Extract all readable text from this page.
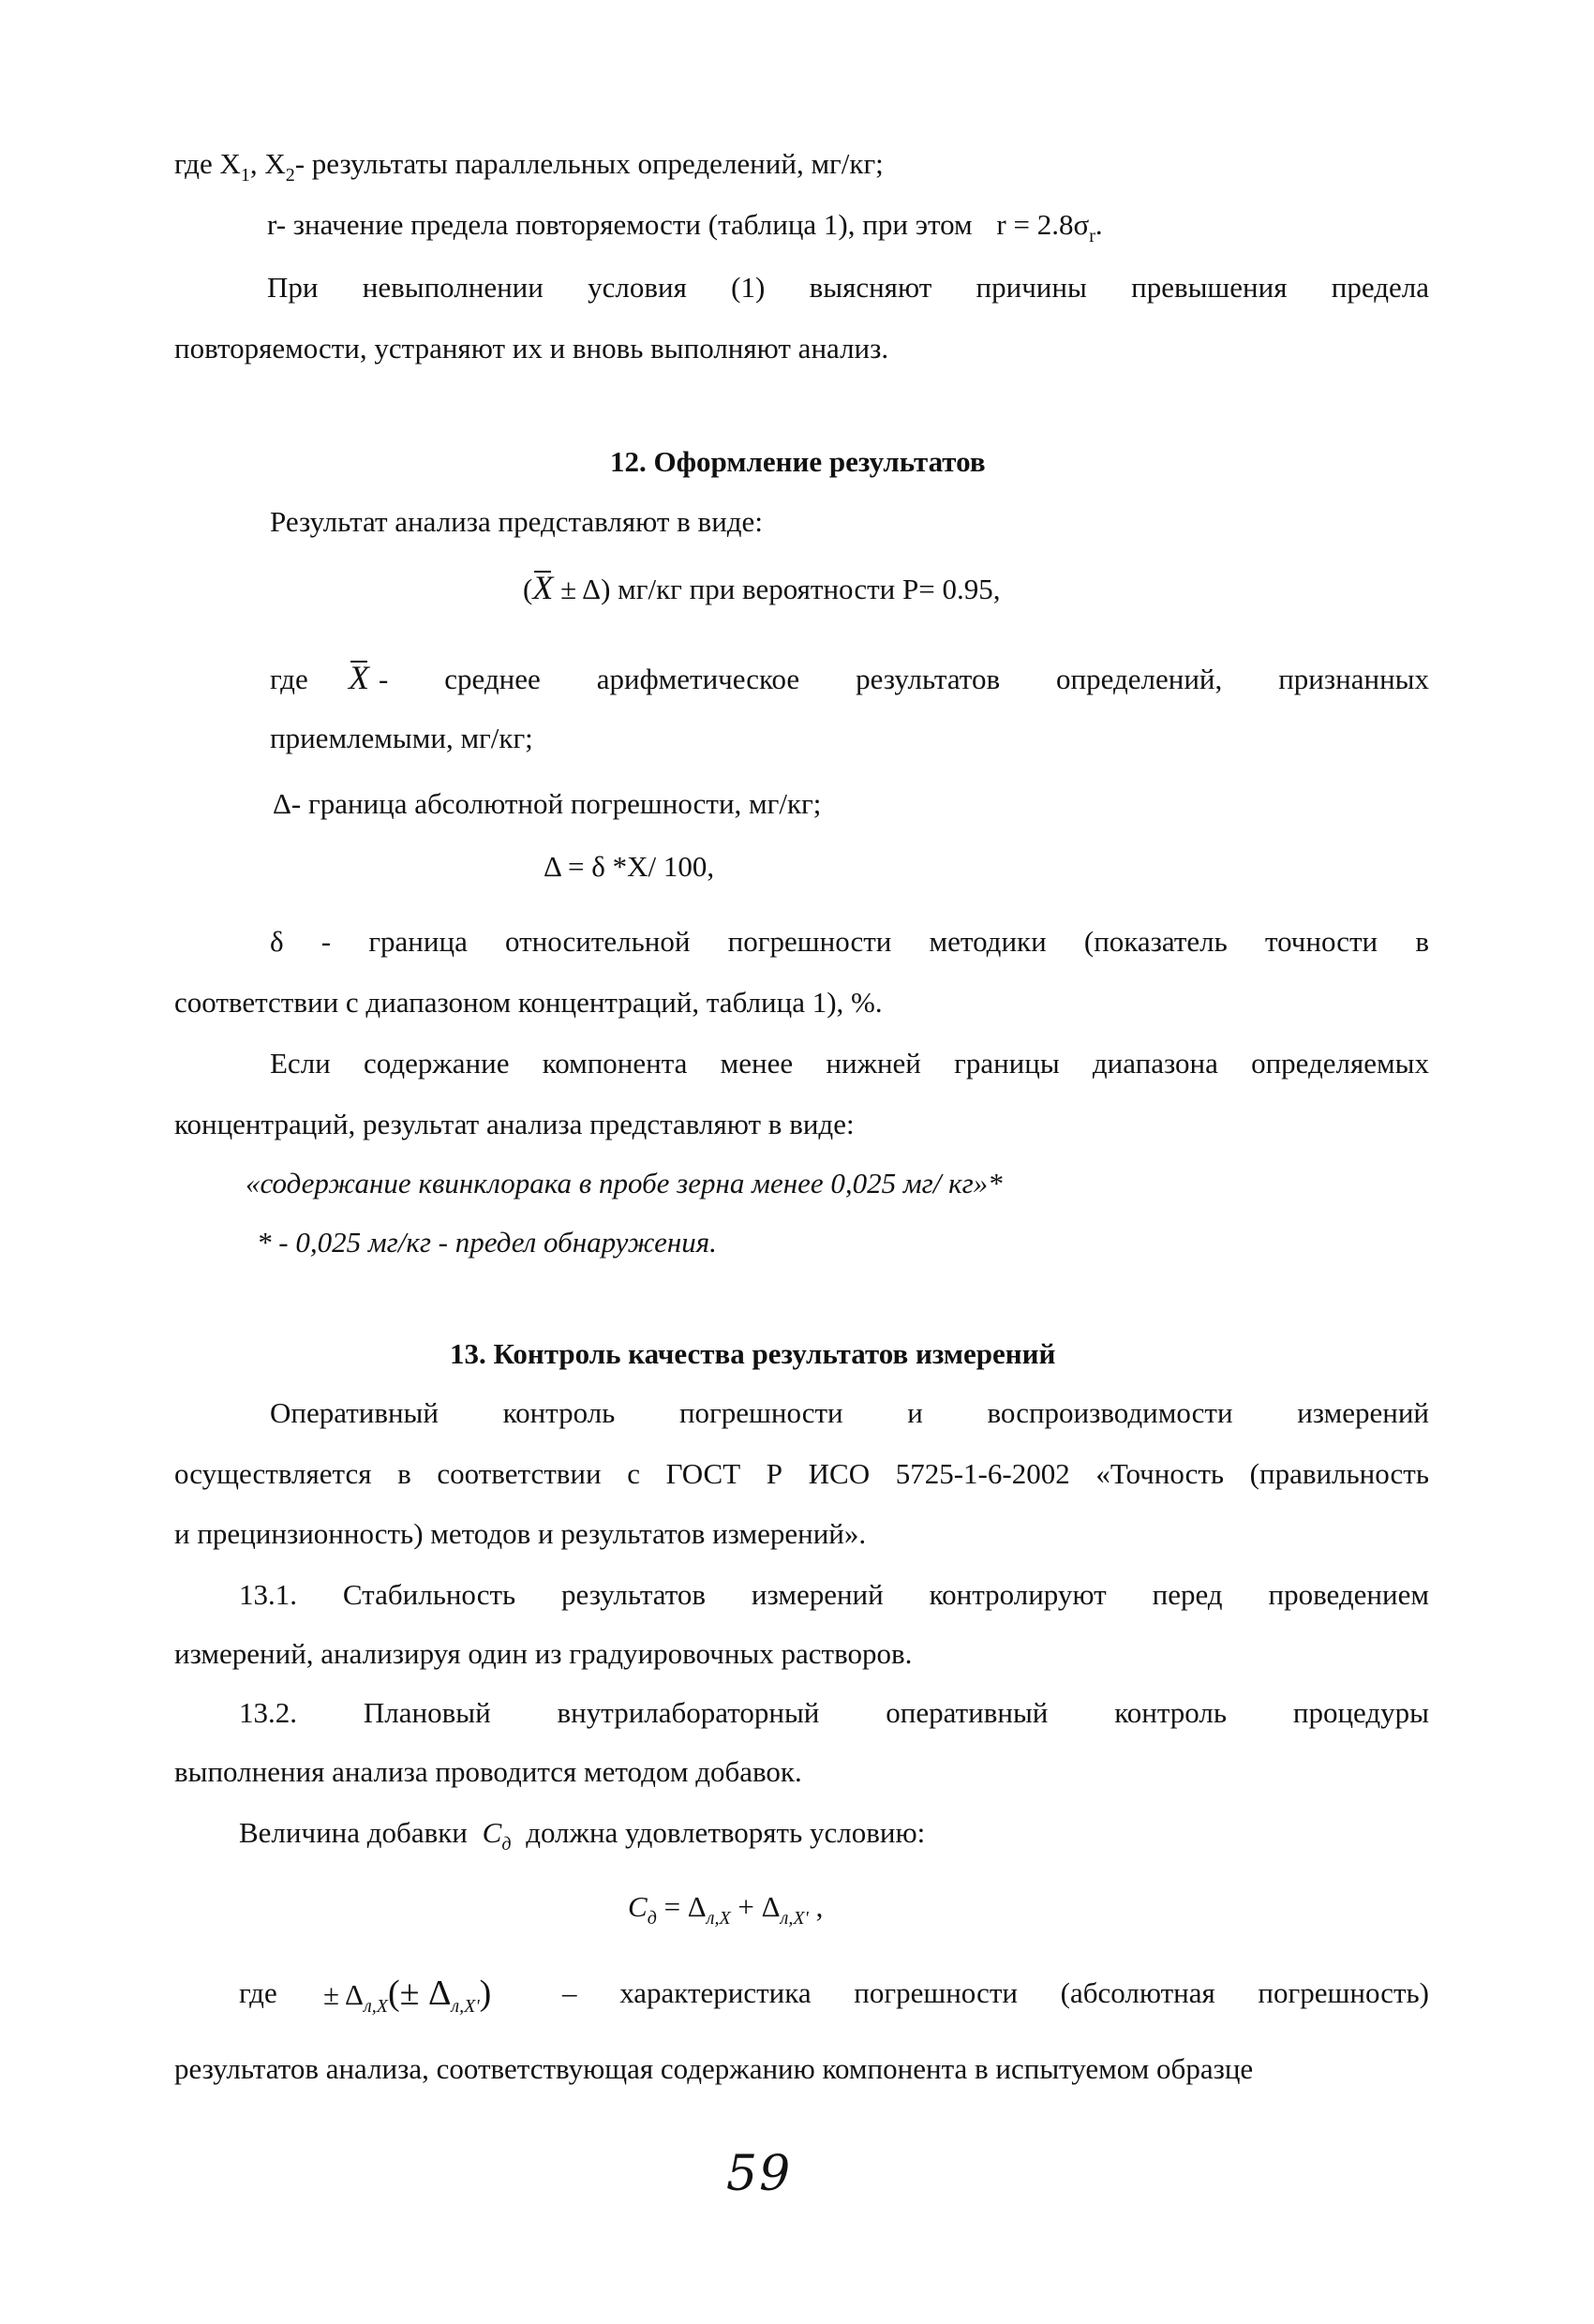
где $X_1$, $X_2-$ результаты параллельных определений, мг/кг;
r- значение предела повторяемости (таблица 1), при этом $r = 2.8\sigma_r$.
При невыполнении условия (1) выясняют причины превышения предела
повторяемости, устраняют их и вновь выполняют анализ.
12. Оформление результатов
Результат анализа представляют в виде:
(X ± Δ) мг/кг при вероятности Р= 0.95,
где X - среднее арифметическое результатов определений, признанных
приемлемыми, мг/кг;
Δ- граница абсолютной погрешности, мг/кг;
Δ = δ *X/ 100,
δ - граница относительной погрешности методики (показатель точности в
соответствии с диапазоном концентраций, таблица 1), %.
Если содержание компонента менее нижней границы диапазона определяемых
концентраций, результат анализа представляют в виде:
«содержание квинклорака в пробе зерна менее 0,025 мг/ кг»*
* - 0,025 мг/кг - предел обнаружения.
13. Контроль качества результатов измерений
Оперативный контроль погрешности и воспроизводимости измерений
осуществляется в соответствии с ГОСТ Р ИСО 5725-1-6-2002 «Точность (правильность
и прецинзионность) методов и результатов измерений».
13.1. Стабильность результатов измерений контролируют перед проведением
измерений, анализируя один из градуировочных растворов.
13.2. Плановый внутрилабораторный оперативный контроль процедуры
выполнения анализа проводится методом добавок.
Величина добавки $C_д$ должна удовлетворять условию:
$C_д = \Delta_{л,X} + \Delta_{л,X'}$ ,
где ± $\Delta_{л,X}(\pm \Delta_{л,X'})$ – характеристика погрешности (абсолютная погрешность)
результатов анализа, соответствующая содержанию компонента в испытуемом образце
59
